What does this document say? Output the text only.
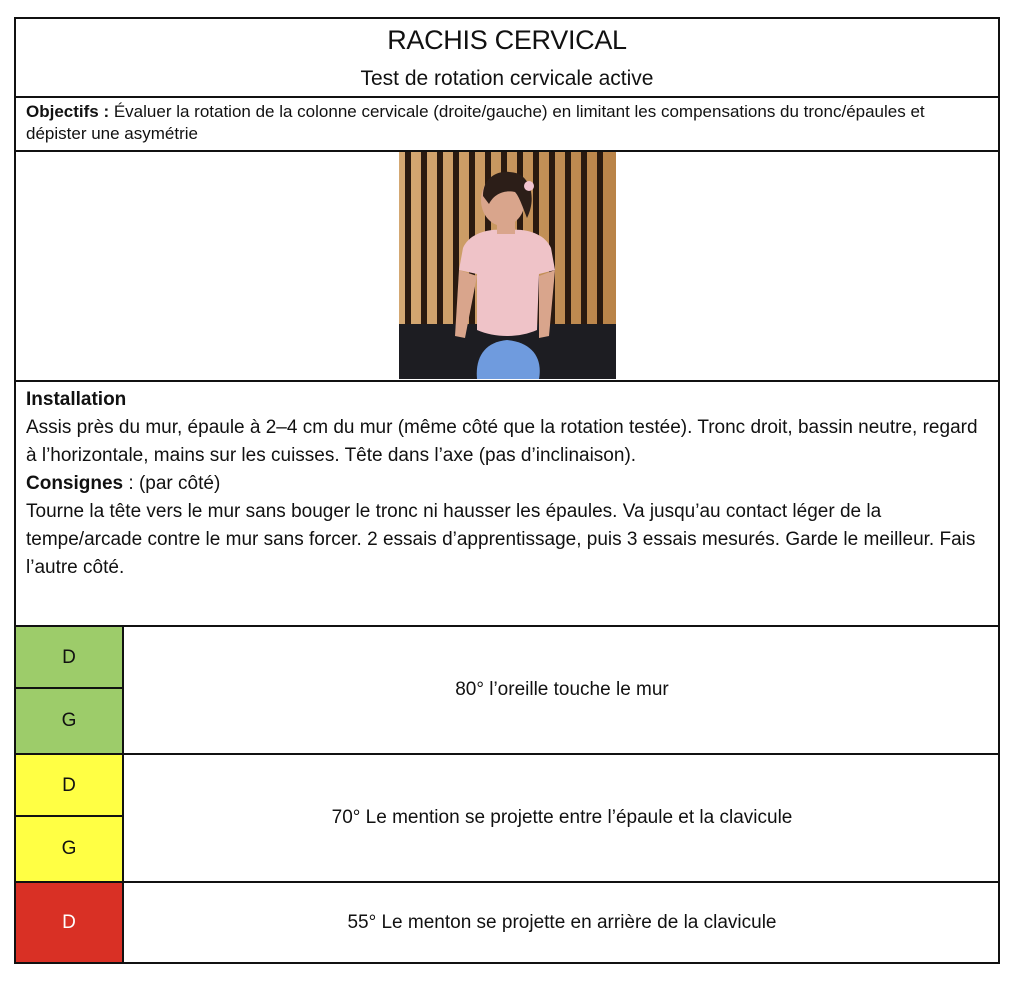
RACHIS CERVICAL
Test de rotation cervicale active
Objectifs : Évaluer la rotation de la colonne cervicale (droite/gauche) en limitant les compensations du tronc/épaules et dépister une asymétrie
Installation
Assis près du mur, épaule à 2–4 cm du mur (même côté que la rotation testée). Tronc droit, bassin neutre, regard à l’horizontale, mains sur les cuisses. Tête dans l’axe (pas d’inclinaison).
Consignes : (par côté)
Tourne la tête vers le mur sans bouger le tronc ni hausser les épaules. Va jusqu’au contact léger de la tempe/arcade contre le mur sans forcer. 2 essais d’apprentissage, puis 3 essais mesurés. Garde le meilleur. Fais l’autre côté.
D
G
80° l’oreille touche le mur
D
G
70° Le mention se projette entre l’épaule et la clavicule
D	55° Le menton se projette en arrière de la clavicule
